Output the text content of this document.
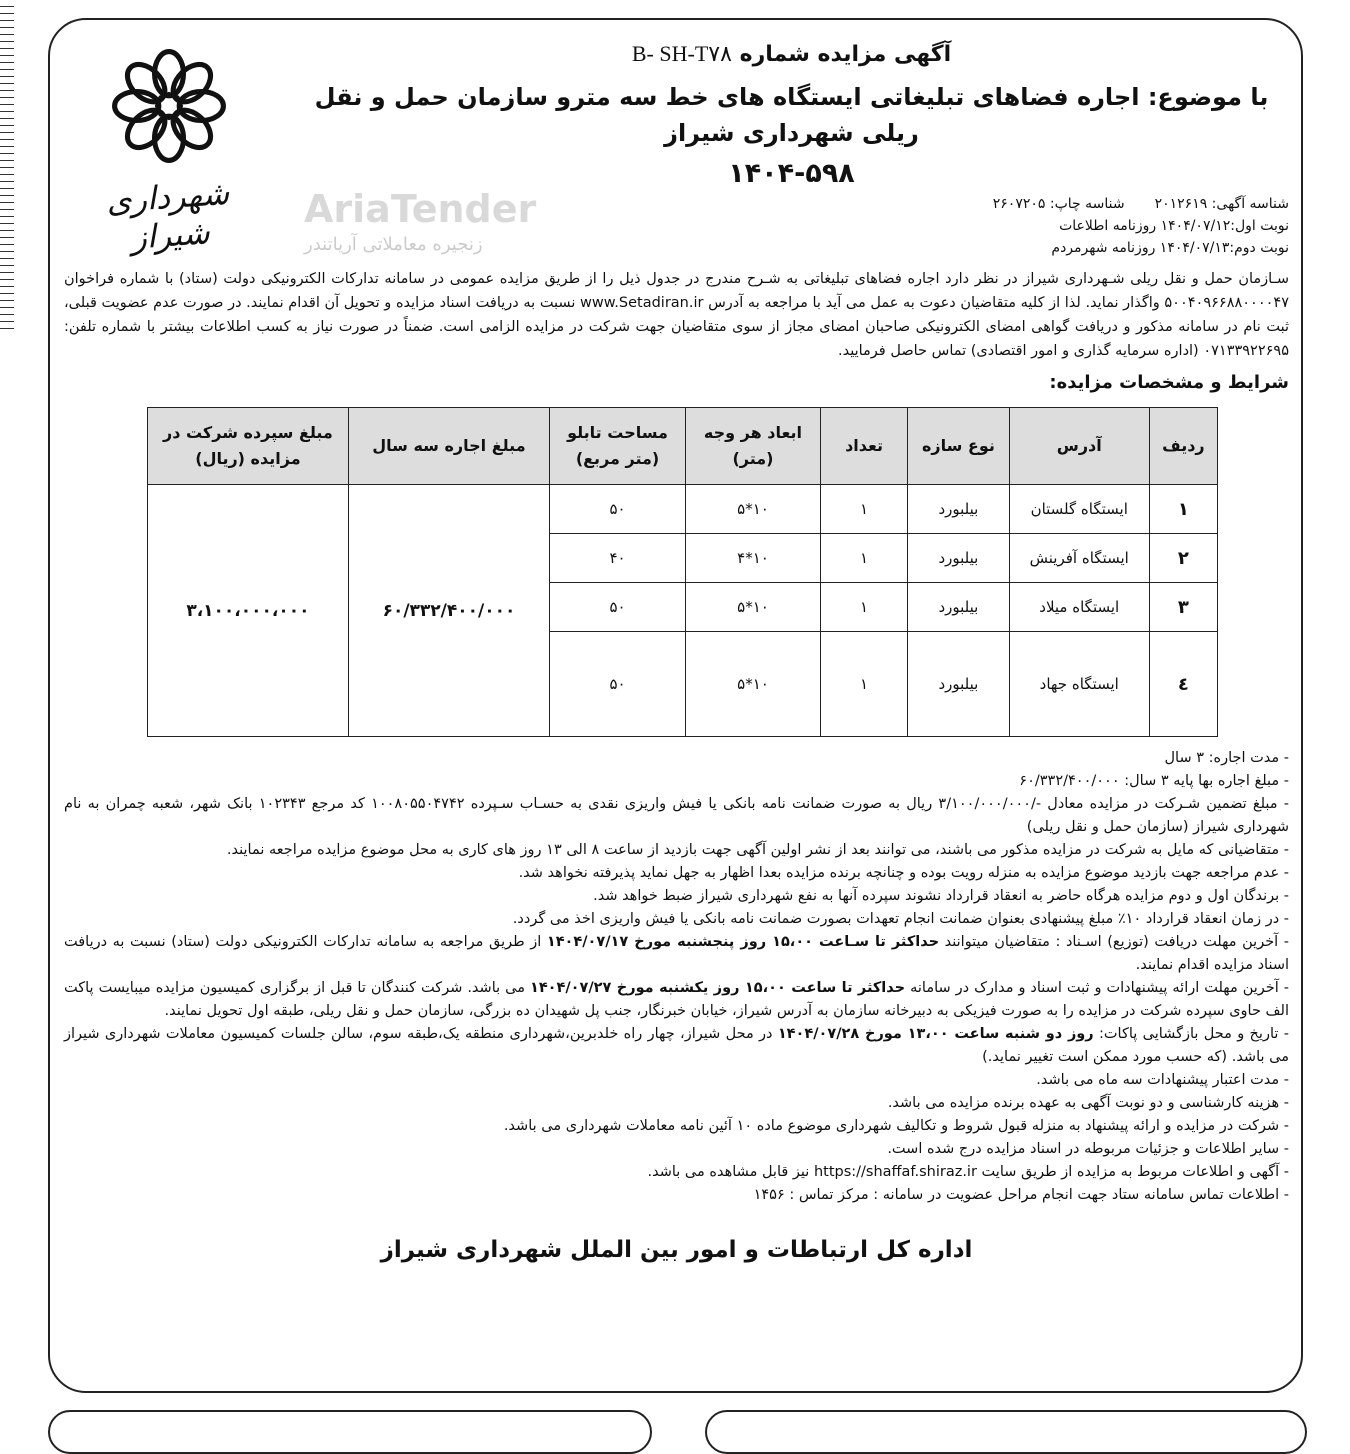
شهرداری شیراز
آگهی مزایده شماره B- SH-T۷۸
با موضوع: اجاره فضاهای تبلیغاتی ایستگاه های خط سه مترو سازمان حمل و نقل ریلی شهرداری شیراز
۱۴۰۴-۵۹۸
AriaTender
زنجیره معاملاتی آریاتندر
شناسه آگهی: ۲۰۱۲۶۱۹شناسه چاپ: ۲۶۰۷۲۰۵
نوبت اول:۱۴۰۴/۰۷/۱۲ روزنامه اطلاعات
نوبت دوم:۱۴۰۴/۰۷/۱۳ روزنامه شهرمردم
سـازمان حمل و نقل ریلی شـهرداری شیراز در نظر دارد اجاره فضاهای تبلیغاتی به شـرح مندرج در جدول ذیل را از طریق مزایده عمومی در سامانه تدارکات الکترونیکی دولت (ستاد) با شماره فراخوان ۵۰۰۴۰۹۶۶۸۸۰۰۰۰۴۷ واگذار نماید. لذا از کلیه متقاضیان دعوت به عمل می آید با مراجعه به آدرس www.Setadiran.ir نسبت به دریافت اسناد مزایده و تحویل آن اقدام نمایند. در صورت عدم عضویت قبلی، ثبت نام در سامانه مذکور و دریافت گواهی امضای الکترونیکی صاحبان امضای مجاز از سوی متقاضیان جهت شرکت در مزایده الزامی است. ضمناً در صورت نیاز به کسب اطلاعات بیشتر با شماره تلفن: ۰۷۱۳۳۹۲۲۶۹۵ (اداره سرمایه گذاری و امور اقتصادی) تماس حاصل فرمایید.
شرایط و مشخصات مزایده:
ردیف	آدرس	نوع سازه	تعداد	ابعاد هر وجه (متر)	مساحت تابلو (متر مربع)	مبلغ اجاره سه سال	مبلغ سپرده شرکت در مزایده (ریال)
۱	ایستگاه گلستان	بیلبورد	۱	۱۰*۵	۵۰	۶۰/۳۳۲/۴۰۰/۰۰۰	۳،۱۰۰،۰۰۰،۰۰۰
۲	ایستگاه آفرینش	بیلبورد	۱	۱۰*۴	۴۰		
۳	ایستگاه میلاد	بیلبورد	۱	۱۰*۵	۵۰		
٤	ایستگاه جهاد	بیلبورد	۱	۱۰*۵	۵۰		
- مدت اجاره: ۳ سال
- مبلغ اجاره بها پایه ۳ سال: ۶۰/۳۳۲/۴۰۰/۰۰۰
- مبلغ تضمین شـرکت در مزایده معادل -/۳/۱۰۰/۰۰۰/۰۰۰ ریال به صورت ضمانت نامه بانکی یا فیش واریزی نقدی به حسـاب سـپرده ۱۰۰۸۰۵۵۰۴۷۴۲ کد مرجع ۱۰۲۳۴۳ بانک شهر، شعبه چمران به نام شهرداری شیراز (سازمان حمل و نقل ریلی)
- متقاضیانی که مایل به شرکت در مزایده مذکور می باشند، می توانند بعد از نشر اولین آگهی جهت بازدید از ساعت ۸ الی ۱۳ روز های کاری به محل موضوع مزایده مراجعه نمایند.
- عدم مراجعه جهت بازدید موضوع مزایده به منزله رویت بوده و چنانچه برنده مزایده بعدا اظهار به جهل نماید پذیرفته نخواهد شد.
- برندگان اول و دوم مزایده هرگاه حاضر به انعقاد قرارداد نشوند سپرده آنها به نفع شهرداری شیراز ضبط خواهد شد.
- در زمان انعقاد قرارداد ۱۰٪ مبلغ پیشنهادی بعنوان ضمانت انجام تعهدات بصورت ضمانت نامه بانکی یا فیش واریزی اخذ می گردد.
- آخرین مهلت دریافت (توزیع) اسـناد : متقاضیان میتوانند حداکثر تا سـاعت ۱۵،۰۰ روز پنجشنبه مورخ ۱۴۰۴/۰۷/۱۷ از طریق مراجعه به سامانه تدارکات الکترونیکی دولت (ستاد) نسبت به دریافت اسناد مزایده اقدام نمایند.
- آخرین مهلت ارائه پیشنهادات و ثبت اسناد و مدارک در سامانه حداکثر تا ساعت ۱۵،۰۰ روز یکشنبه مورخ ۱۴۰۴/۰۷/۲۷ می باشد. شرکت کنندگان تا قبل از برگزاری کمیسیون مزایده میبایست پاکت الف حاوی سپرده شرکت در مزایده را به صورت فیزیکی به دبیرخانه سازمان به آدرس شیراز، خیابان خبرنگار، جنب پل شهیدان ده بزرگی، سازمان حمل و نقل ریلی، طبقه اول تحویل نمایند.
- تاریخ و محل بازگشایی پاکات: روز دو شنبه ساعت ۱۳،۰۰ مورخ ۱۴۰۴/۰۷/۲۸ در محل شیراز، چهار راه خلدبرین،شهرداری منطقه یک،طبقه سوم، سالن جلسات کمیسیون معاملات شهرداری شیراز می باشد. (که حسب مورد ممکن است تغییر نماید.)
- مدت اعتبار پیشنهادات سه ماه می باشد.
- هزینه کارشناسی و دو نوبت آگهی به عهده برنده مزایده می باشد.
- شرکت در مزایده و ارائه پیشنهاد به منزله قبول شروط و تکالیف شهرداری موضوع ماده ۱۰ آئین نامه معاملات شهرداری می باشد.
- سایر اطلاعات و جزئیات مربوطه در اسناد مزایده درج شده است.
- آگهی و اطلاعات مربوط به مزایده از طریق سایت https://shaffaf.shiraz.ir نیز قابل مشاهده می باشد.
- اطلاعات تماس سامانه ستاد جهت انجام مراحل عضویت در سامانه : مرکز تماس : ۱۴۵۶
اداره کل ارتباطات و امور بین الملل شهرداری شیراز
